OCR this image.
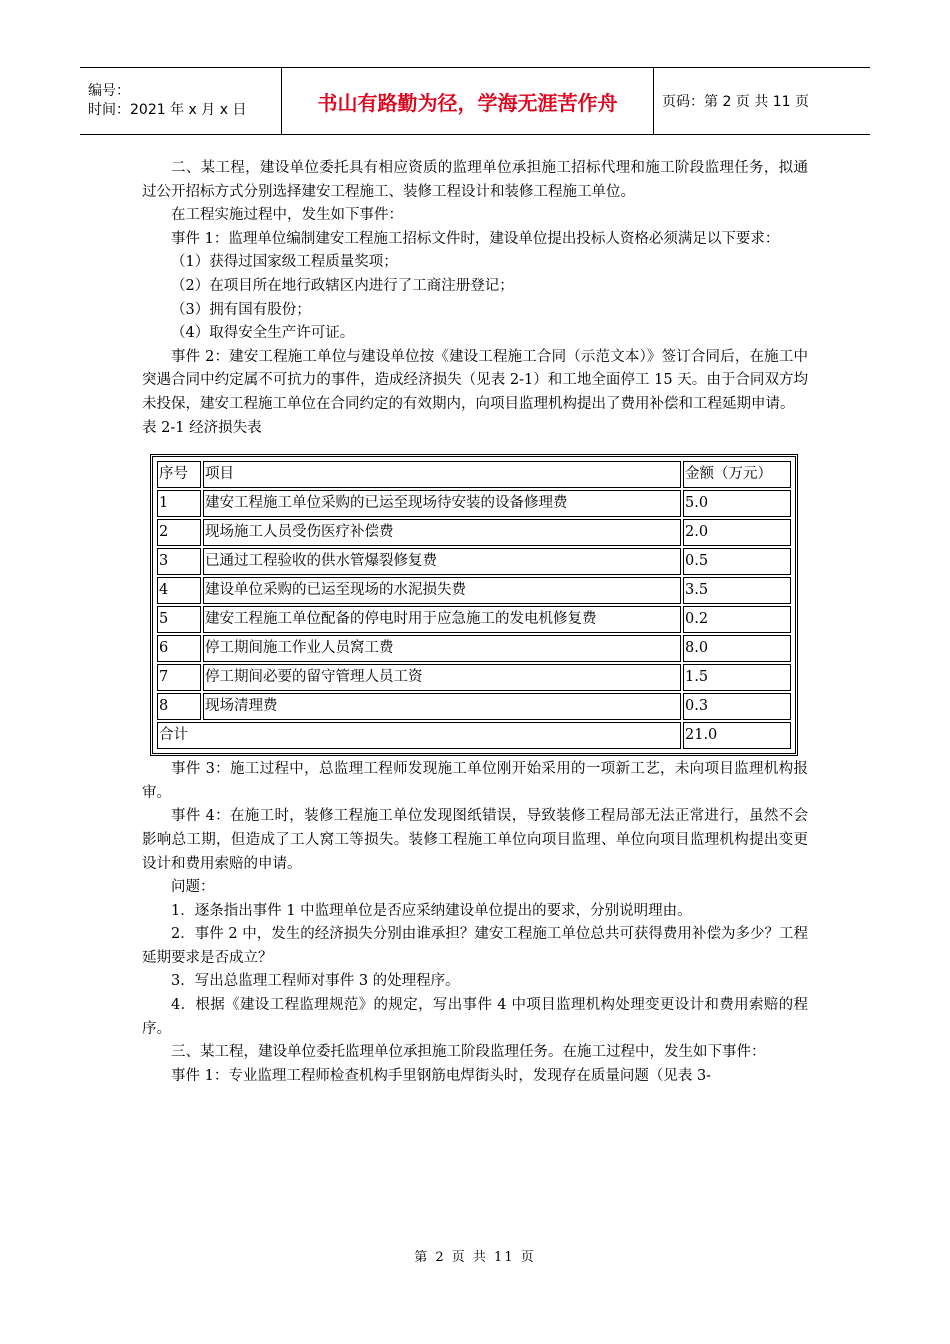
编号：
时间：2021 年 x 月 x 日	书山有路勤为径，学海无涯苦作舟	页码：第 2 页 共 11 页

二、某工程，建设单位委托具有相应资质的监理单位承担施工招标代理和施工阶段监理任务，拟通过公开招标方式分别选择建安工程施工、装修工程设计和装修工程施工单位。

在工程实施过程中，发生如下事件：

事件 1：监理单位编制建安工程施工招标文件时，建设单位提出投标人资格必须满足以下要求：

（1）获得过国家级工程质量奖项；

（2）在项目所在地行政辖区内进行了工商注册登记；

（3）拥有国有股份；

（4）取得安全生产许可证。

事件 2：建安工程施工单位与建设单位按《建设工程施工合同（示范文本）》签订合同后，在施工中突遇合同中约定属不可抗力的事件，造成经济损失（见表 2-1）和工地全面停工 15 天。由于合同双方均未投保，建安工程施工单位在合同约定的有效期内，向项目监理机构提出了费用补偿和工程延期申请。

表 2-1 经济损失表

序号	项目	金额（万元）
1	建安工程施工单位采购的已运至现场待安装的设备修理费	5.0
2	现场施工人员受伤医疗补偿费	2.0
3	已通过工程验收的供水管爆裂修复费	0.5
4	建设单位采购的已运至现场的水泥损失费	3.5
5	建安工程施工单位配备的停电时用于应急施工的发电机修复费	0.2
6	停工期间施工作业人员窝工费	8.0
7	停工期间必要的留守管理人员工资	1.5
8	现场清理费	0.3
合计		21.0

事件 3：施工过程中，总监理工程师发现施工单位刚开始采用的一项新工艺，未向项目监理机构报审。

事件 4：在施工时，装修工程施工单位发现图纸错误，导致装修工程局部无法正常进行，虽然不会影响总工期，但造成了工人窝工等损失。装修工程施工单位向项目监理、单位向项目监理机构提出变更设计和费用索赔的申请。

问题：

1．逐条指出事件 1 中监理单位是否应采纳建设单位提出的要求，分别说明理由。

2．事件 2 中，发生的经济损失分别由谁承担？建安工程施工单位总共可获得费用补偿为多少？工程延期要求是否成立？

3．写出总监理工程师对事件 3 的处理程序。

4．根据《建设工程监理规范》的规定，写出事件 4 中项目监理机构处理变更设计和费用索赔的程序。

三、某工程，建设单位委托监理单位承担施工阶段监理任务。在施工过程中，发生如下事件：

事件 1：专业监理工程师检查机构手里钢筋电焊街头时，发现存在质量问题（见表 3-

第 2 页 共 11 页
